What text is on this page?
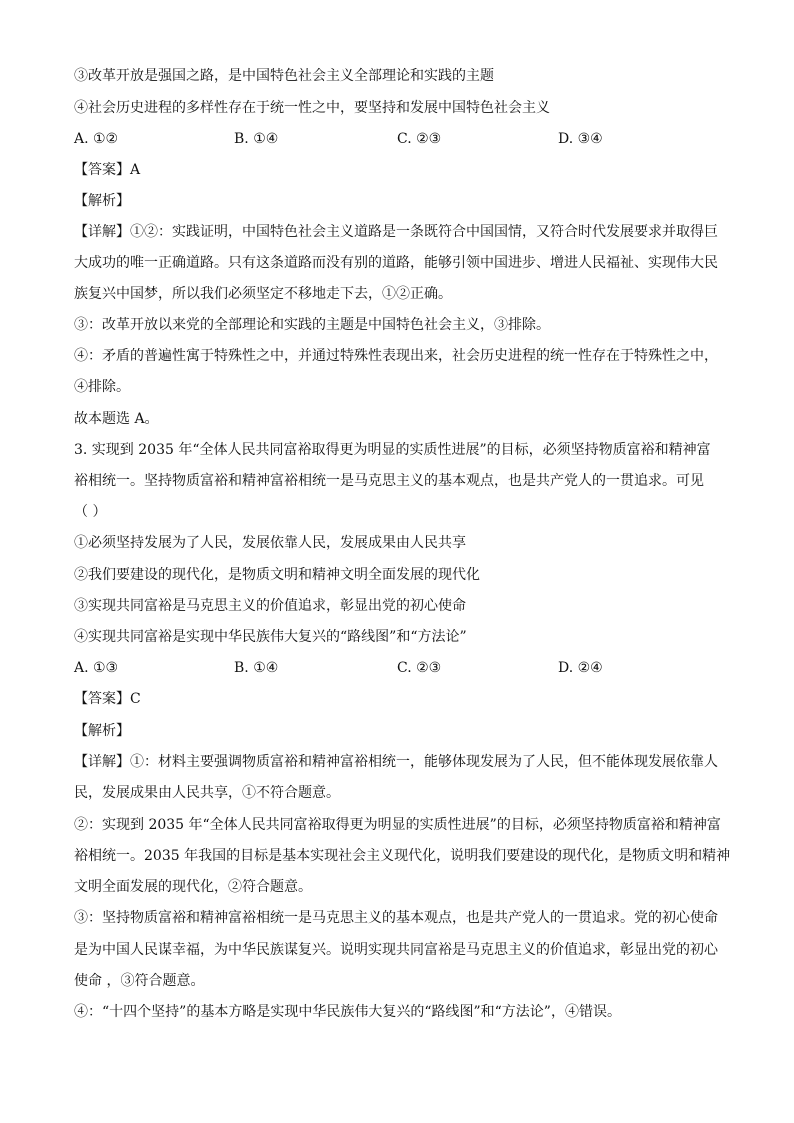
③改革开放是强国之路，是中国特色社会主义全部理论和实践的主题
④社会历史进程的多样性存在于统一性之中，要坚持和发展中国特色社会主义
A. ①②	B. ①④	C. ②③	D. ③④
【答案】A
【解析】
【详解】①②：实践证明，中国特色社会主义道路是一条既符合中国国情，又符合时代发展要求并取得巨
大成功的唯一正确道路。只有这条道路而没有别的道路，能够引领中国进步、增进人民福祉、实现伟大民
族复兴中国梦，所以我们必须坚定不移地走下去，①②正确。
③：改革开放以来党的全部理论和实践的主题是中国特色社会主义，③排除。
④：矛盾的普遍性寓于特殊性之中，并通过特殊性表现出来，社会历史进程的统一性存在于特殊性之中，
④排除。
故本题选 A。
3. 实现到 2035 年“全体人民共同富裕取得更为明显的实质性进展”的目标，必须坚持物质富裕和精神富
裕相统一。坚持物质富裕和精神富裕相统一是马克思主义的基本观点，也是共产党人的一贯追求。可见
（ ）
①必须坚持发展为了人民，发展依靠人民，发展成果由人民共享
②我们要建设的现代化，是物质文明和精神文明全面发展的现代化
③实现共同富裕是马克思主义的价值追求，彰显出党的初心使命
④实现共同富裕是实现中华民族伟大复兴的“路线图”和“方法论”
A. ①③	B. ①④	C. ②③	D. ②④
【答案】C
【解析】
【详解】①：材料主要强调物质富裕和精神富裕相统一，能够体现发展为了人民，但不能体现发展依靠人
民，发展成果由人民共享，①不符合题意。
②：实现到 2035 年“全体人民共同富裕取得更为明显的实质性进展”的目标，必须坚持物质富裕和精神富
裕相统一。2035 年我国的目标是基本实现社会主义现代化，说明我们要建设的现代化，是物质文明和精神
文明全面发展的现代化，②符合题意。
③：坚持物质富裕和精神富裕相统一是马克思主义的基本观点，也是共产党人的一贯追求。党的初心使命
是为中国人民谋幸福，为中华民族谋复兴。说明实现共同富裕是马克思主义的价值追求，彰显出党的初心
使命 ，③符合题意。
④：“十四个坚持”的基本方略是实现中华民族伟大复兴的“路线图”和“方法论”，④错误。
